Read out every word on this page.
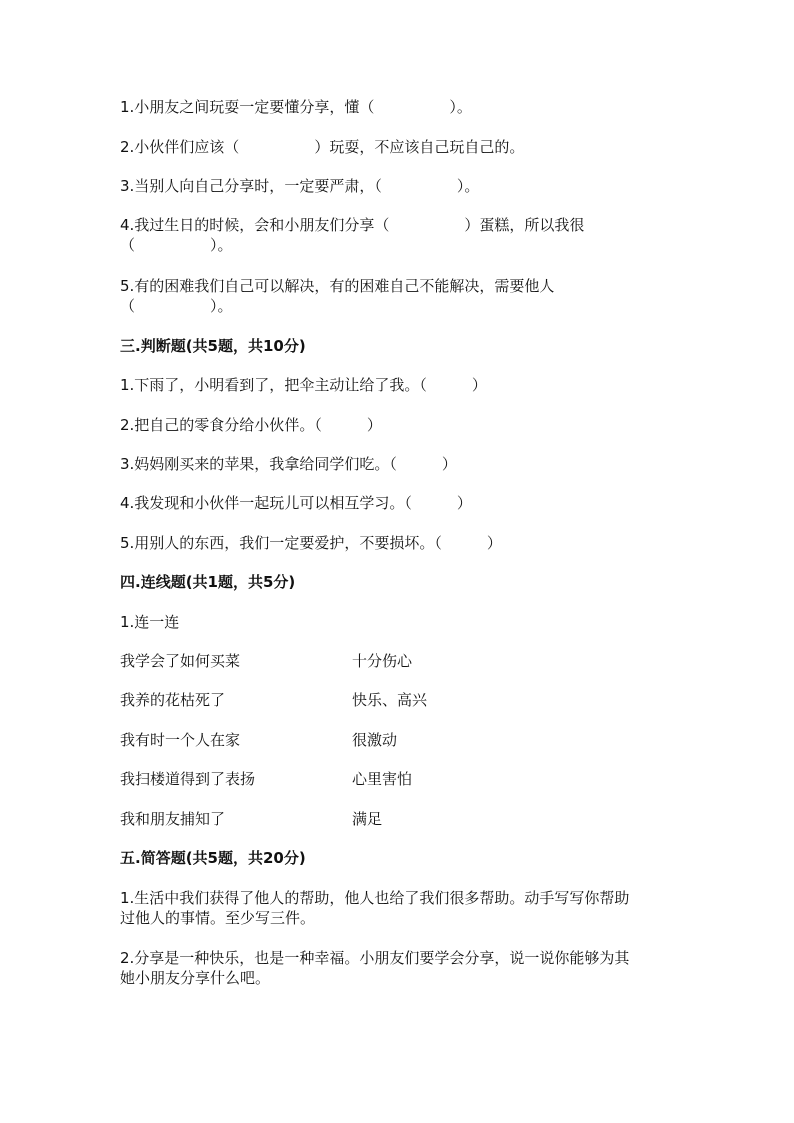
1.小朋友之间玩耍一定要懂分享，懂（　　　　　）。
2.小伙伴们应该（　　　　　）玩耍，不应该自己玩自己的。
3.当别人向自己分享时，一定要严肃，（　　　　　）。
4.我过生日的时候，会和小朋友们分享（　　　　　）蛋糕，所以我很
（　　　　　）。
5.有的困难我们自己可以解决，有的困难自己不能解决，需要他人
（　　　　　）。
三.判断题(共5题，共10分)
1.下雨了，小明看到了，把伞主动让给了我。（　　　）
2.把自己的零食分给小伙伴。（　　　）
3.妈妈刚买来的苹果，我拿给同学们吃。（　　　）
4.我发现和小伙伴一起玩儿可以相互学习。（　　　）
5.用别人的东西，我们一定要爱护，不要损坏。（　　　）
四.连线题(共1题，共5分)
1.连一连
我学会了如何买菜	十分伤心
我养的花枯死了	快乐、高兴
我有时一个人在家	很激动
我扫楼道得到了表扬	心里害怕
我和朋友捕知了	满足
五.简答题(共5题，共20分)
1.生活中我们获得了他人的帮助，他人也给了我们很多帮助。动手写写你帮助
过他人的事情。至少写三件。
2.分享是一种快乐，也是一种幸福。小朋友们要学会分享，说一说你能够为其
她小朋友分享什么吧。
